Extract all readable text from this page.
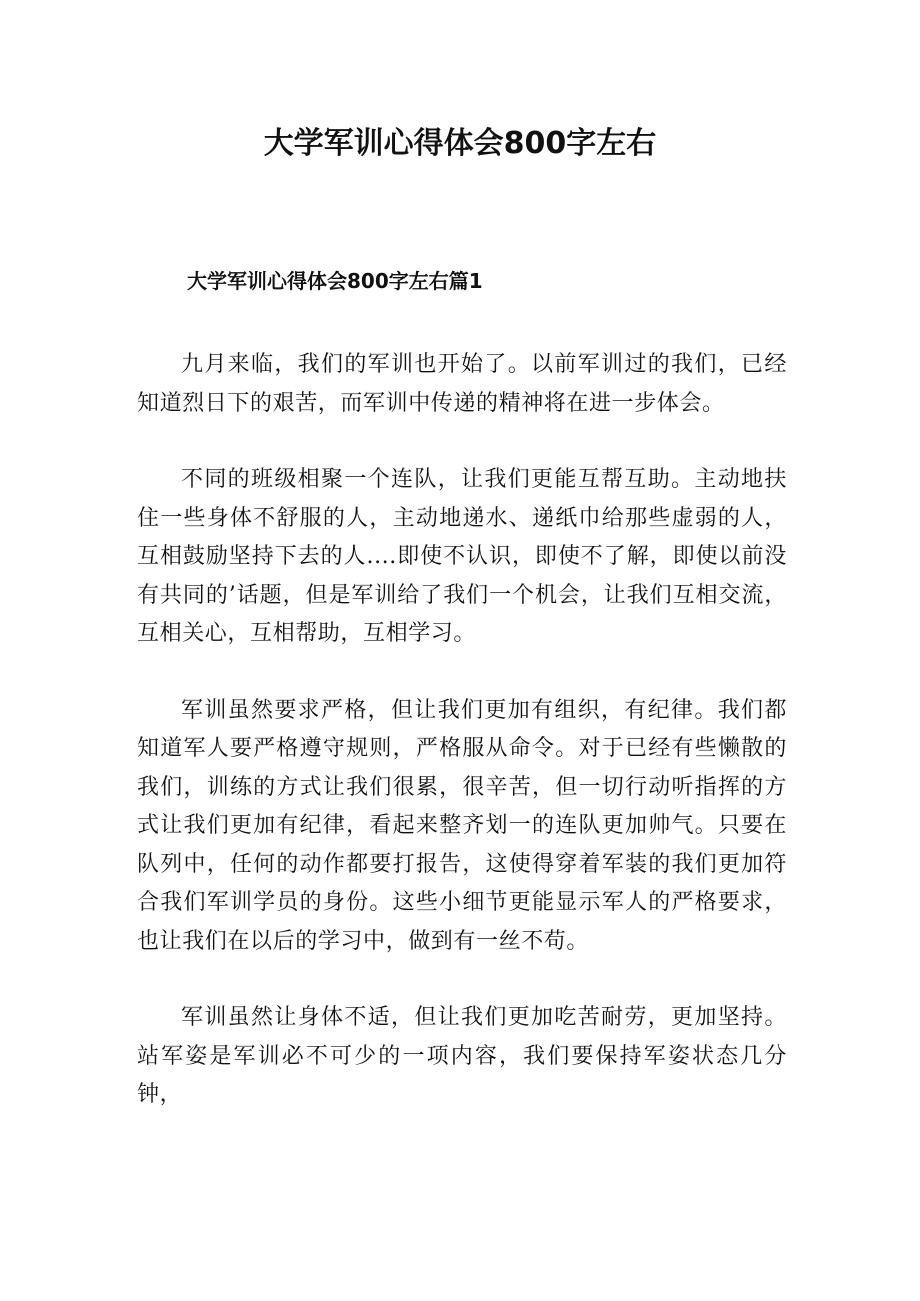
大学军训心得体会800字左右
大学军训心得体会800字左右篇1

九月来临，我们的军训也开始了。以前军训过的我们，已经知道烈日下的艰苦，而军训中传递的精神将在进一步体会。

不同的班级相聚一个连队，让我们更能互帮互助。主动地扶住一些身体不舒服的人，主动地递水、递纸巾给那些虚弱的人，互相鼓励坚持下去的人....即使不认识，即使不了解，即使以前没有共同的’话题，但是军训给了我们一个机会，让我们互相交流，互相关心，互相帮助，互相学习。

军训虽然要求严格，但让我们更加有组织，有纪律。我们都知道军人要严格遵守规则，严格服从命令。对于已经有些懒散的我们，训练的方式让我们很累，很辛苦，但一切行动听指挥的方式让我们更加有纪律，看起来整齐划一的连队更加帅气。只要在队列中，任何的动作都要打报告，这使得穿着军装的我们更加符合我们军训学员的身份。这些小细节更能显示军人的严格要求，也让我们在以后的学习中，做到有一丝不苟。

军训虽然让身体不适，但让我们更加吃苦耐劳，更加坚持。站军姿是军训必不可少的一项内容，我们要保持军姿状态几分钟，
